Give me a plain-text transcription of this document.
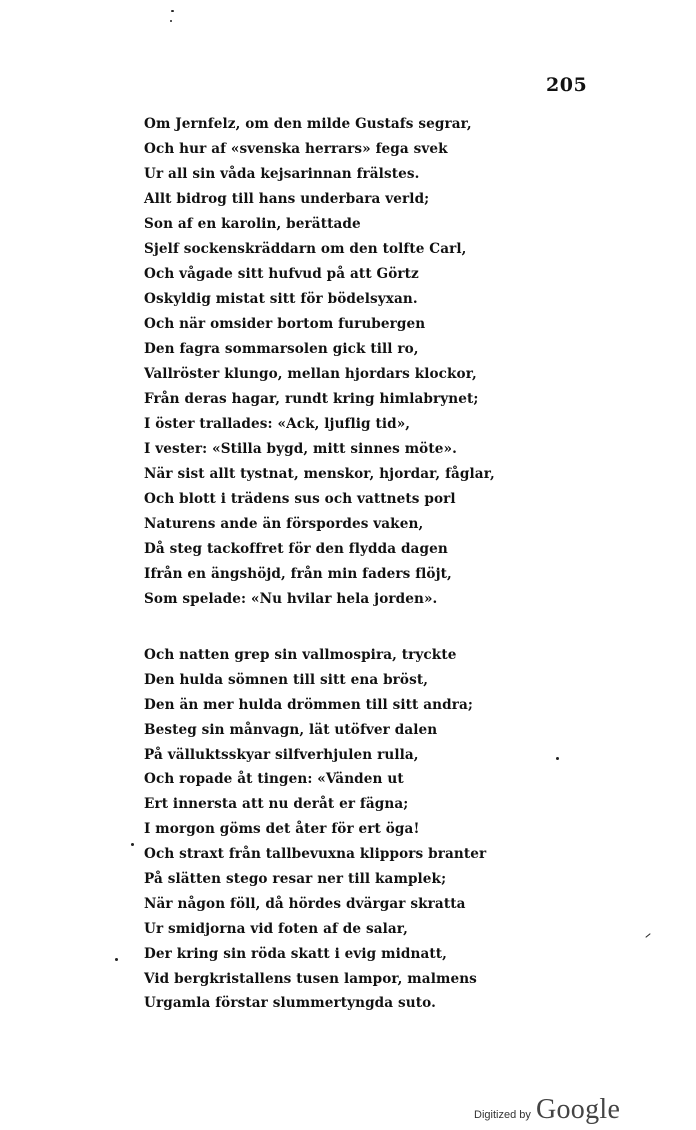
205
Om Jernfelz, om den milde Gustafs segrar,
Och hur af «svenska herrars» fega svek
Ur all sin våda kejsarinnan frälstes.
Allt bidrog till hans underbara verld;
Son af en karolin, berättade
Sjelf sockenskräddarn om den tolfte Carl,
Och vågade sitt hufvud på att Görtz
Oskyldig mistat sitt för bödelsyxan.
Och när omsider bortom furubergen
Den fagra sommarsolen gick till ro,
Vallröster klungo, mellan hjordars klockor,
Från deras hagar, rundt kring himlabrynet;
I öster trallades: «Ack, ljuflig tid»,
I vester: «Stilla bygd, mitt sinnes möte».
När sist allt tystnat, menskor, hjordar, fåglar,
Och blott i trädens sus och vattnets porl
Naturens ande än förspordes vaken,
Då steg tackoffret för den flydda dagen
Ifrån en ängshöjd, från min faders flöjt,
Som spelade: «Nu hvilar hela jorden».
Och natten grep sin vallmospira, tryckte
Den hulda sömnen till sitt ena bröst,
Den än mer hulda drömmen till sitt andra;
Besteg sin månvagn, lät utöfver dalen
På välluktsskyar silfverhjulen rulla,
Och ropade åt tingen: «Vänden ut
Ert innersta att nu deråt er fägna;
I morgon göms det åter för ert öga!
Och straxt från tallbevuxna klippors branter
På slätten stego resar ner till kamplek;
När någon föll, då hördes dvärgar skratta
Ur smidjorna vid foten af de salar,
Der kring sin röda skatt i evig midnatt,
Vid bergkristallens tusen lampor, malmens
Urgamla förstar slummertyngda suto.
Digitized by Google
